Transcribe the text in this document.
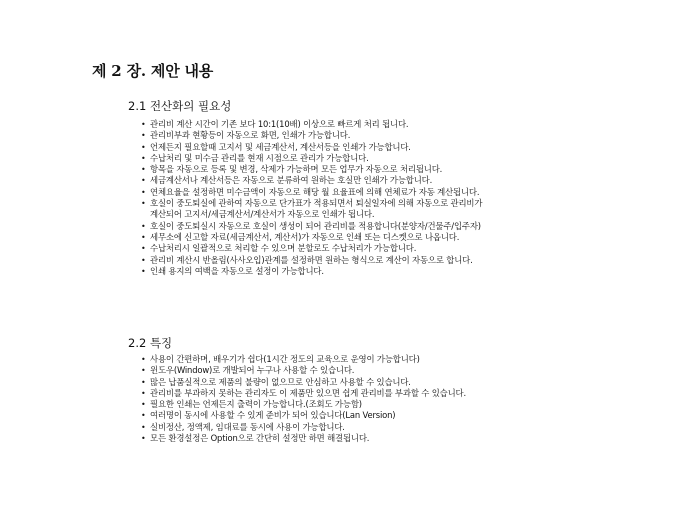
제 2 장. 제안 내용
2.1 전산화의 필요성
• 관리비 계산 시간이 기존 보다 10:1(10배) 이상으로 빠르게 처리 됩니다.
• 관리비부과 현황등이 자동으로 화면, 인쇄가 가능합니다.
• 언제든지 필요할때 고지서 및 세금계산서, 계산서등을 인쇄가 가능합니다.
• 수납처리 및 미수금 관리를 현재 시점으로 관리가 가능합니다.
• 항목을 자동으로 등록 및 변경, 삭제가 가능하며 모든 업무가 자동으로 처리됩니다.
• 세금계산서나 계산서등은 자동으로 분류하여 원하는 호실만 인쇄가 가능합니다.
• 연체요율을 설정하면 미수금액이 자동으로 해당 월 요율표에 의해 연체료가 자동 계산됩니다.
• 호실이 중도퇴실에 관하여 자동으로 단가표가 적용되면서 퇴실일자에 의해 자동으로 관리비가
계산되어 고지서/세금계산서/계산서가 자동으로 인쇄가 됩니다.
• 호실이 중도퇴실시 자동으로 호실이 생성이 되어 관리비를 적용합니다(분양자/건물주/입주자)
• 세무소에 신고할 자료(세금계산서, 계산서)가 자동으로 인쇄 또는 디스켓으로 나옵니다.
• 수납처리시 일괄적으로 처리할 수 있으며 분할로도 수납처리가 가능합니다.
• 관리비 계산시 반올림(사사오입)관계를 설정하면 원하는 형식으로 계산이 자동으로 합니다.
• 인쇄 용지의 여백을 자동으로 설정이 가능합니다.
2.2 특징
• 사용이 간편하며, 배우기가 쉽다(1시간 정도의 교육으로 운영이 가능합니다)
• 윈도우(Window)로 개발되어 누구나 사용할 수 있습니다.
• 많은 납품실적으로 제품의 불량이 없으므로 안심하고 사용할 수 있습니다.
• 관리비를 부과하지 못하는 관리자도 이 제품만 있으면 쉽게 관리비를 부과할 수 있습니다.
• 필요한 인쇄는 언제든지 출력이 가능합니다.(조회도 가능함)
• 여러명이 동시에 사용할 수 있게 준비가 되어 있습니다(Lan Version)
• 실비정산, 정액제, 임대료를 동시에 사용이 가능합니다.
• 모든 환경설정은 Option으로 간단히 설정만 하면 해결됩니다.
